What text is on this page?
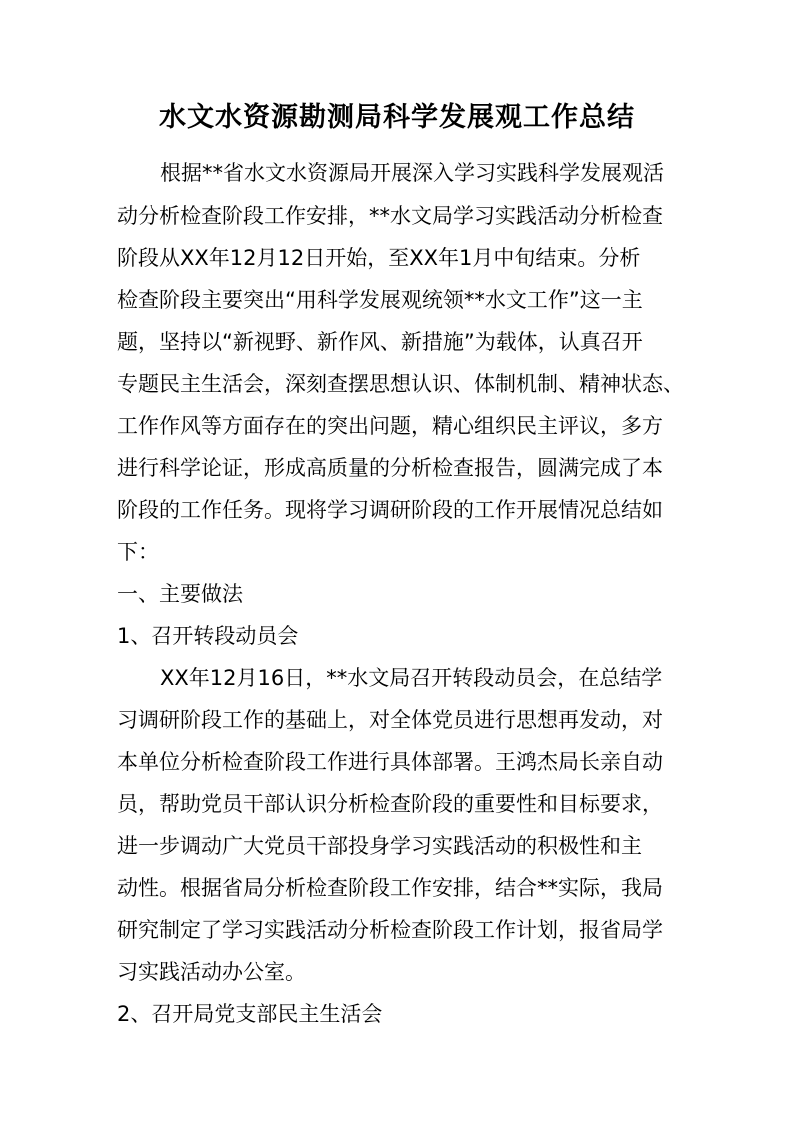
水文水资源勘测局科学发展观工作总结
根据**省水文水资源局开展深入学习实践科学发展观活
动分析检查阶段工作安排，**水文局学习实践活动分析检查
阶段从XX年12月12日开始，至XX年1月中旬结束。分析
检查阶段主要突出“用科学发展观统领**水文工作”这一主
题，坚持以“新视野、新作风、新措施”为载体，认真召开
专题民主生活会，深刻查摆思想认识、体制机制、精神状态、
工作作风等方面存在的突出问题，精心组织民主评议，多方
进行科学论证，形成高质量的分析检查报告，圆满完成了本
阶段的工作任务。现将学习调研阶段的工作开展情况总结如
下：
一、主要做法
1、召开转段动员会
XX年12月16日，**水文局召开转段动员会，在总结学
习调研阶段工作的基础上，对全体党员进行思想再发动，对
本单位分析检查阶段工作进行具体部署。王鸿杰局长亲自动
员，帮助党员干部认识分析检查阶段的重要性和目标要求，
进一步调动广大党员干部投身学习实践活动的积极性和主
动性。根据省局分析检查阶段工作安排，结合**实际，我局
研究制定了学习实践活动分析检查阶段工作计划，报省局学
习实践活动办公室。
2、召开局党支部民主生活会
